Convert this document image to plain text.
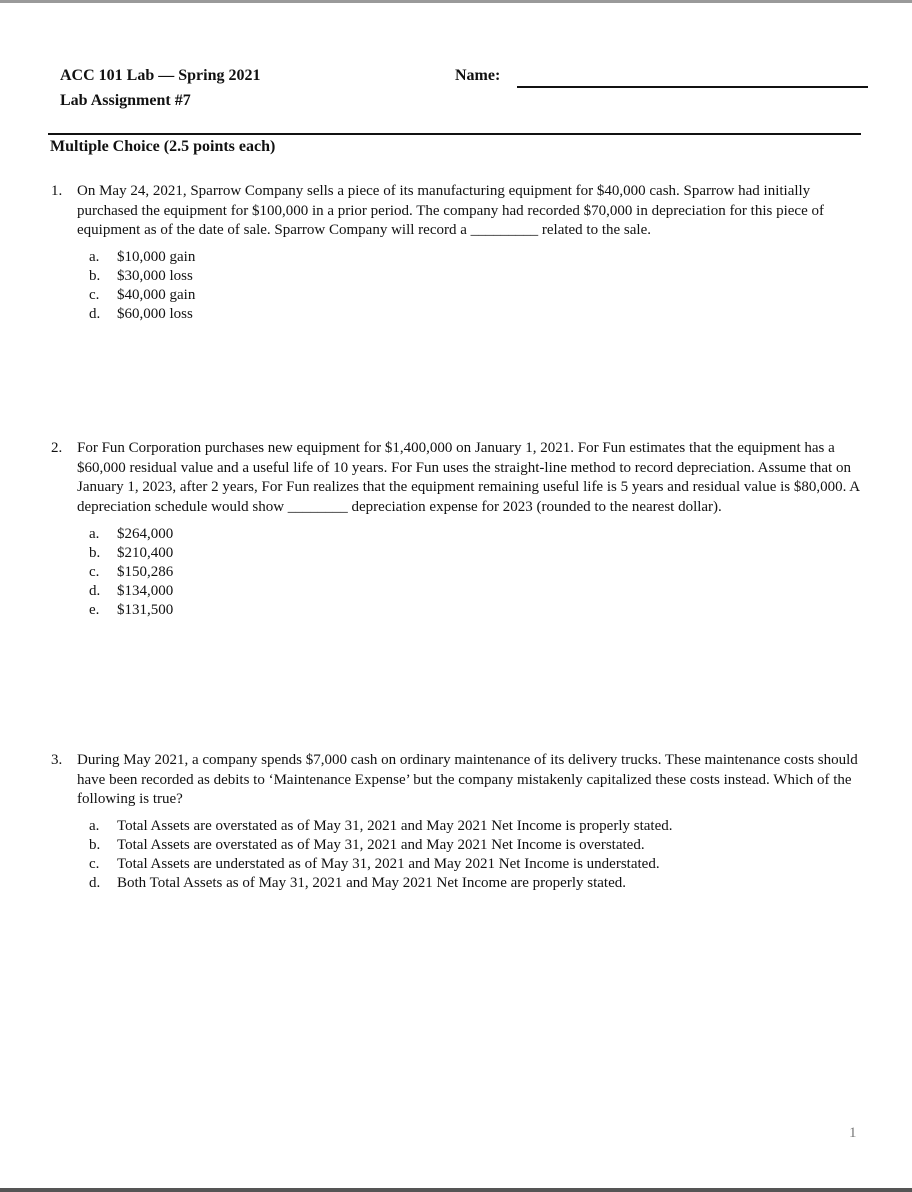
ACC 101 Lab — Spring 2021
Lab Assignment #7
Name:
Multiple Choice (2.5 points each)
1. On May 24, 2021, Sparrow Company sells a piece of its manufacturing equipment for $40,000 cash. Sparrow had initially purchased the equipment for $100,000 in a prior period. The company had recorded $70,000 in depreciation for this piece of equipment as of the date of sale. Sparrow Company will record a _________ related to the sale.
a. $10,000 gain
b. $30,000 loss
c. $40,000 gain
d. $60,000 loss
2. For Fun Corporation purchases new equipment for $1,400,000 on January 1, 2021. For Fun estimates that the equipment has a $60,000 residual value and a useful life of 10 years. For Fun uses the straight-line method to record depreciation. Assume that on January 1, 2023, after 2 years, For Fun realizes that the equipment remaining useful life is 5 years and residual value is $80,000. A depreciation schedule would show ________ depreciation expense for 2023 (rounded to the nearest dollar).
a. $264,000
b. $210,400
c. $150,286
d. $134,000
e. $131,500
3. During May 2021, a company spends $7,000 cash on ordinary maintenance of its delivery trucks. These maintenance costs should have been recorded as debits to ‘Maintenance Expense’ but the company mistakenly capitalized these costs instead. Which of the following is true?
a. Total Assets are overstated as of May 31, 2021 and May 2021 Net Income is properly stated.
b. Total Assets are overstated as of May 31, 2021 and May 2021 Net Income is overstated.
c. Total Assets are understated as of May 31, 2021 and May 2021 Net Income is understated.
d. Both Total Assets as of May 31, 2021 and May 2021 Net Income are properly stated.
1
